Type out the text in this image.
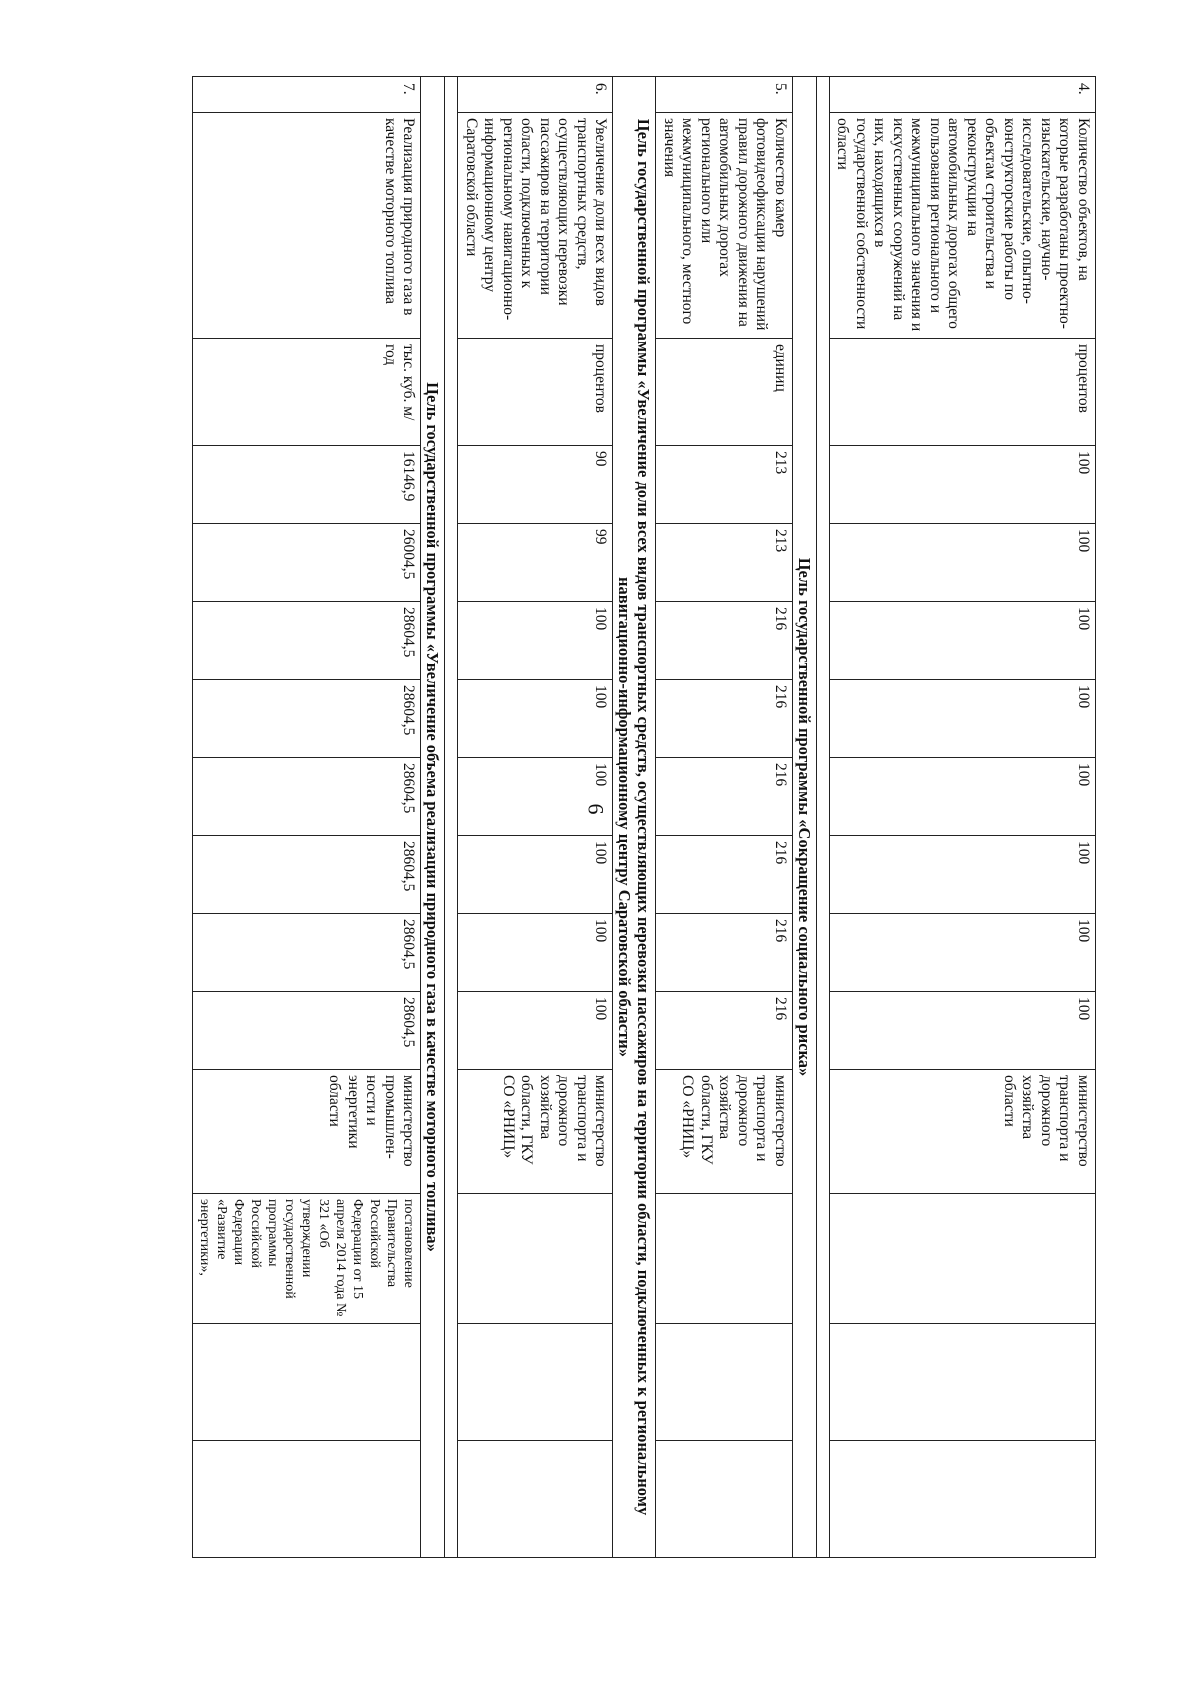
6
4.	Количество объектов, на которые разработаны проектно-изыскательские, научно-исследовательские, опытно-конструкторские работы по объектам строительства и реконструкции на автомобильных дорогах общего пользования регионального и межмуниципального значения и искусственных сооружений на них, находящихся в государственной собственности области	процентов	100	100	100	100	100	100	100	100	министерство транспорта и дорожного хозяйства области			

Цель государственной программы «Сокращение социального риска»														
5.	Количество камер фотовидеофиксации нарушений правил дорожного движения на автомобильных дорогах регионального или межмуниципального, местного значения	единиц	213	213	216	216	216	216	216	216	министерство транспорта и дорожного хозяйства области, ГКУ СО «РНИЦ»			
Цель государственной программы «Увеличение доли всех видов транспортных средств, осуществляющих перевозки пассажиров на территории области, подключенных к региональному навигационно-информационному центру Саратовской области»														
6.	Увеличение доли всех видов транспортных средств, осуществляющих перевозки пассажиров на территории области, подключенных к региональному навигационно-информационному центру Саратовской области	процентов	90	99	100	100	100	100	100	100	министерство транспорта и дорожного хозяйства области, ГКУ СО «РНИЦ»			

Цель государственной программы «Увеличение объема реализации природного газа в качестве моторного топлива»														
7.	Реализация природного газа в качестве моторного топлива	тыс. куб. м/ год	16146,9	26004,5	28604,5	28604,5	28604,5	28604,5	28604,5	28604,5	министерство промышлен-ности и энергетики области	постановление Правительства Российской Федерации от 15 апреля 2014 года № 321 «Об утверждении государственной программы Российской Федерации «Развитие энергетики»,		
